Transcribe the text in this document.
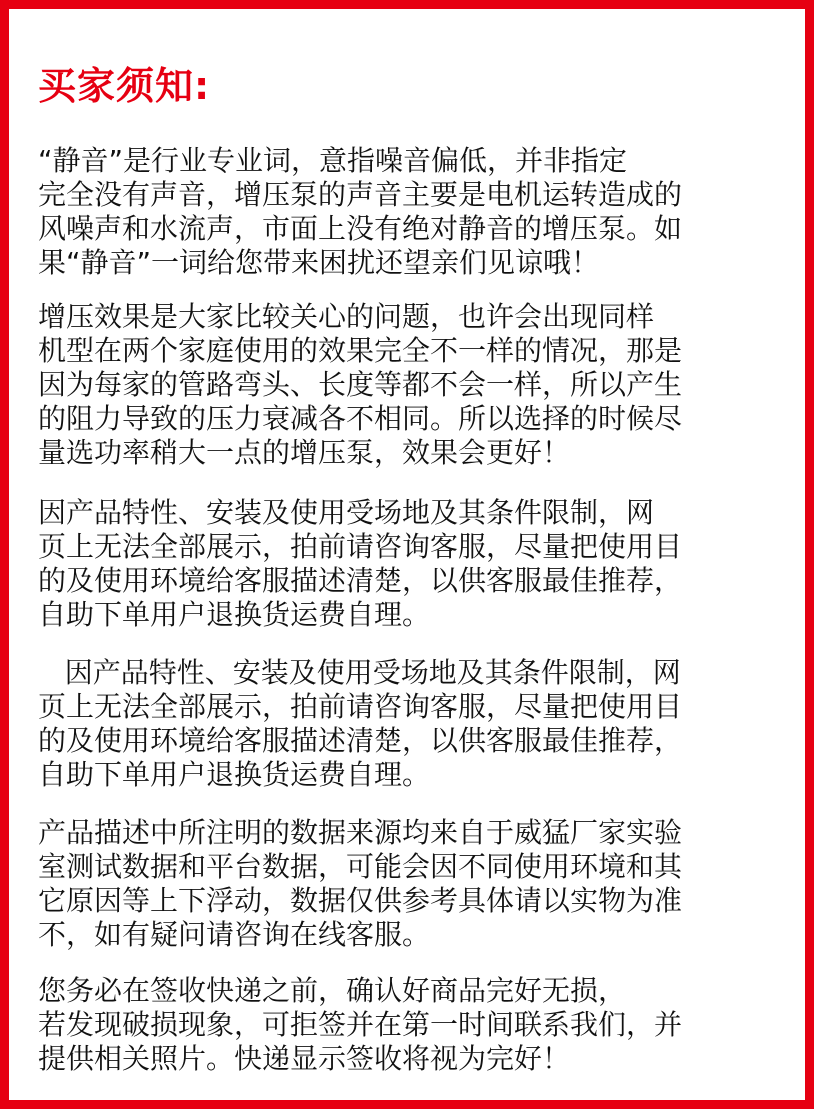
买家须知:
“静音”是行业专业词，意指噪音偏低，并非指定
完全没有声音，增压泵的声音主要是电机运转造成的
风噪声和水流声，市面上没有绝对静音的增压泵。如
果“静音”一词给您带来困扰还望亲们见谅哦！
增压效果是大家比较关心的问题，也许会出现同样
机型在两个家庭使用的效果完全不一样的情况，那是
因为每家的管路弯头、长度等都不会一样，所以产生
的阻力导致的压力衰减各不相同。所以选择的时候尽
量选功率稍大一点的增压泵，效果会更好！
因产品特性、安装及使用受场地及其条件限制，网
页上无法全部展示，拍前请咨询客服，尽量把使用目
的及使用环境给客服描述清楚，以供客服最佳推荐，
自助下单用户退换货运费自理。
因产品特性、安装及使用受场地及其条件限制，网
页上无法全部展示，拍前请咨询客服，尽量把使用目
的及使用环境给客服描述清楚，以供客服最佳推荐，
自助下单用户退换货运费自理。
产品描述中所注明的数据来源均来自于威猛厂家实验
室测试数据和平台数据，可能会因不同使用环境和其
它原因等上下浮动，数据仅供参考具体请以实物为准
不，如有疑问请咨询在线客服。
您务必在签收快递之前，确认好商品完好无损，
若发现破损现象，可拒签并在第一时间联系我们，并
提供相关照片。快递显示签收将视为完好！
